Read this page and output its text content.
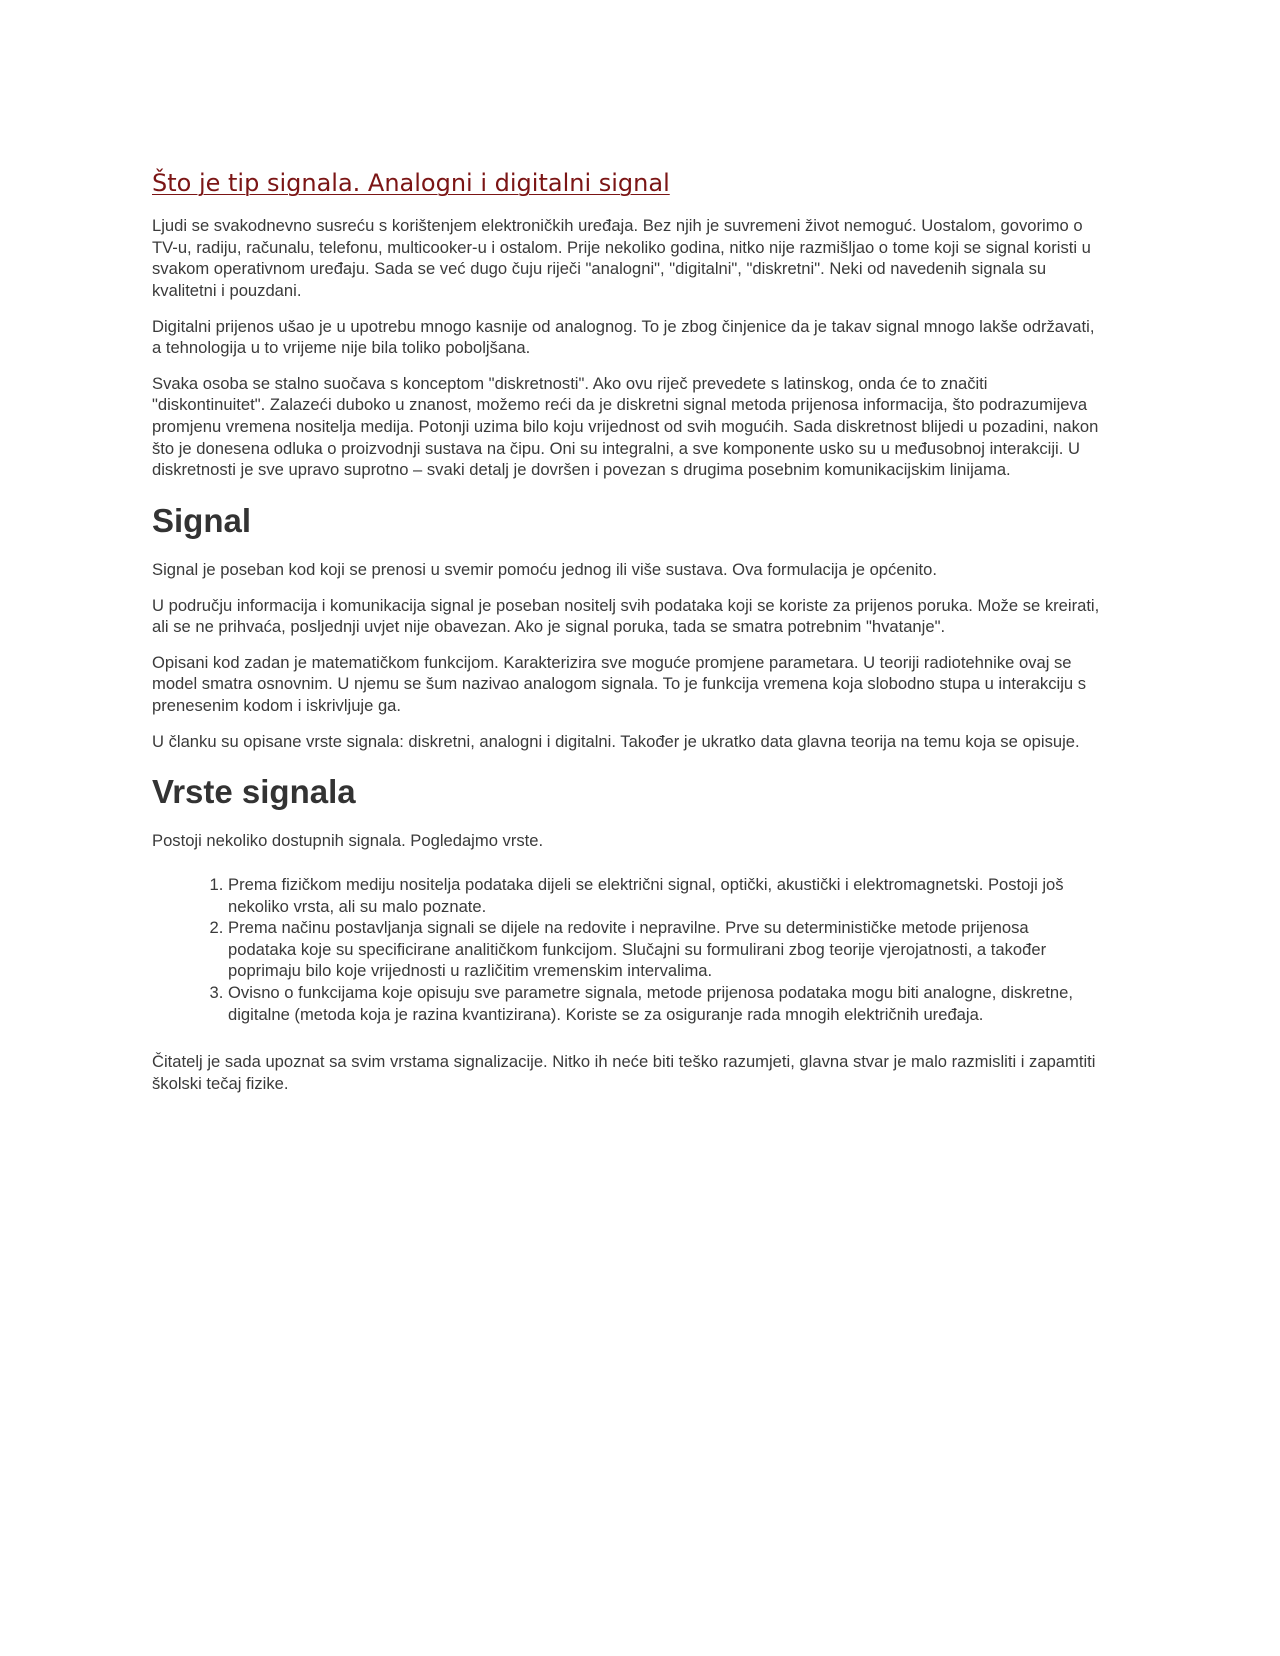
Što je tip signala. Analogni i digitalni signal

Ljudi se svakodnevno susreću s korištenjem elektroničkih uređaja. Bez njih je suvremeni život nemoguć. Uostalom, govorimo o TV-u, radiju, računalu, telefonu, multicooker-u i ostalom. Prije nekoliko godina, nitko nije razmišljao o tome koji se signal koristi u svakom operativnom uređaju. Sada se već dugo čuju riječi "analogni", "digitalni", "diskretni". Neki od navedenih signala su kvalitetni i pouzdani.

Digitalni prijenos ušao je u upotrebu mnogo kasnije od analognog. To je zbog činjenice da je takav signal mnogo lakše održavati, a tehnologija u to vrijeme nije bila toliko poboljšana.

Svaka osoba se stalno suočava s konceptom "diskretnosti". Ako ovu riječ prevedete s latinskog, onda će to značiti "diskontinuitet". Zalazeći duboko u znanost, možemo reći da je diskretni signal metoda prijenosa informacija, što podrazumijeva promjenu vremena nositelja medija. Potonji uzima bilo koju vrijednost od svih mogućih. Sada diskretnost blijedi u pozadini, nakon što je donesena odluka o proizvodnji sustava na čipu. Oni su integralni, a sve komponente usko su u međusobnoj interakciji. U diskretnosti je sve upravo suprotno – svaki detalj je dovršen i povezan s drugima posebnim komunikacijskim linijama.

Signal

Signal je poseban kod koji se prenosi u svemir pomoću jednog ili više sustava. Ova formulacija je općenito.

U području informacija i komunikacija signal je poseban nositelj svih podataka koji se koriste za prijenos poruka. Može se kreirati, ali se ne prihvaća, posljednji uvjet nije obavezan. Ako je signal poruka, tada se smatra potrebnim "hvatanje".

Opisani kod zadan je matematičkom funkcijom. Karakterizira sve moguće promjene parametara. U teoriji radiotehnike ovaj se model smatra osnovnim. U njemu se šum nazivao analogom signala. To je funkcija vremena koja slobodno stupa u interakciju s prenesenim kodom i iskrivljuje ga.

U članku su opisane vrste signala: diskretni, analogni i digitalni. Također je ukratko data glavna teorija na temu koja se opisuje.

Vrste signala

Postoji nekoliko dostupnih signala. Pogledajmo vrste.

1. Prema fizičkom mediju nositelja podataka dijeli se električni signal, optički, akustički i elektromagnetski. Postoji još nekoliko vrsta, ali su malo poznate.
2. Prema načinu postavljanja signali se dijele na redovite i nepravilne. Prve su determinističke metode prijenosa podataka koje su specificirane analitičkom funkcijom. Slučajni su formulirani zbog teorije vjerojatnosti, a također poprimaju bilo koje vrijednosti u različitim vremenskim intervalima.
3. Ovisno o funkcijama koje opisuju sve parametre signala, metode prijenosa podataka mogu biti analogne, diskretne, digitalne (metoda koja je razina kvantizirana). Koriste se za osiguranje rada mnogih električnih uređaja.

Čitatelj je sada upoznat sa svim vrstama signalizacije. Nitko ih neće biti teško razumjeti, glavna stvar je malo razmisliti i zapamtiti školski tečaj fizike.
